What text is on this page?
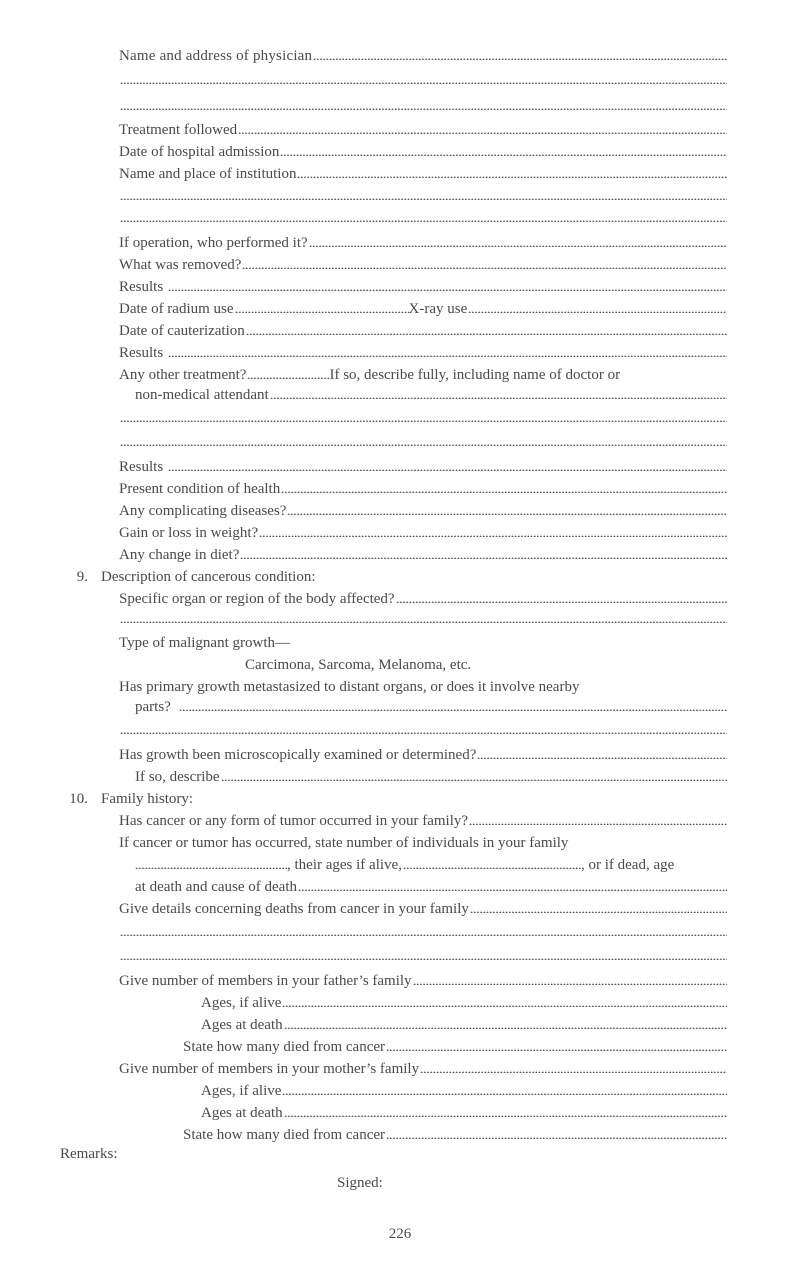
Name and address of physician
Treatment followed
Date of hospital admission
Name and place of institution
If operation, who performed it?
What was removed?
Results
Date of radium use	X-ray use
Date of cauterization
Results
Any other treatment?	If so, describe fully, including name of doctor or
non-medical attendant
Results
Present condition of health
Any complicating diseases?
Gain or loss in weight?
Any change in diet?
9. Description of cancerous condition:
Specific organ or region of the body affected?
Type of malignant growth—
Carcimona, Sarcoma, Melanoma, etc.
Has primary growth metastasized to distant organs, or does it involve nearby
parts?
Has growth been microscopically examined or determined?
If so, describe
10. Family history:
Has cancer or any form of tumor occurred in your family?
If cancer or tumor has occurred, state number of individuals in your family
, their ages if alive,	, or if dead, age
at death and cause of death
Give details concerning deaths from cancer in your family
Give number of members in your father’s family
Ages, if alive
Ages at death
State how many died from cancer
Give number of members in your mother’s family
Ages, if alive
Ages at death
State how many died from cancer
Remarks:
Signed:
226
